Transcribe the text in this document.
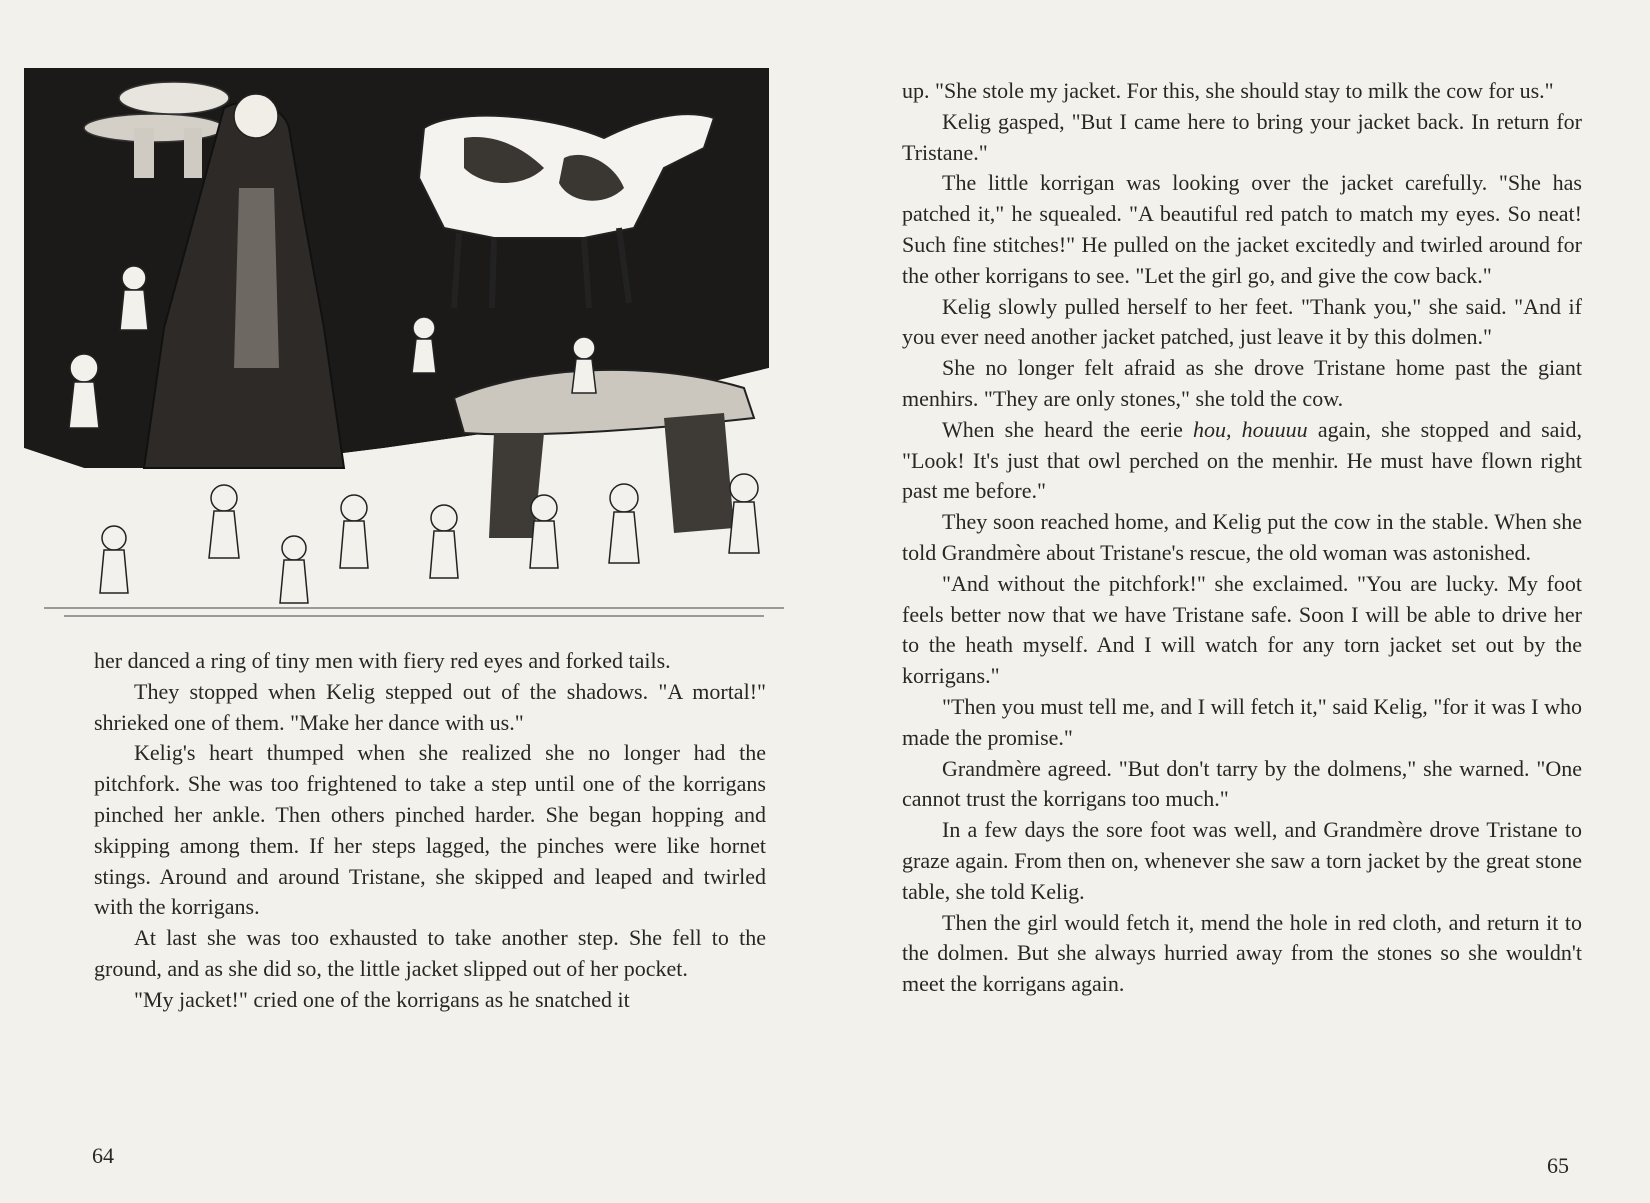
her danced a ring of tiny men with fiery red eyes and forked tails.

They stopped when Kelig stepped out of the shadows. "A mortal!" shrieked one of them. "Make her dance with us."

Kelig's heart thumped when she realized she no longer had the pitchfork. She was too frightened to take a step until one of the korrigans pinched her ankle. Then others pinched harder. She began hopping and skipping among them. If her steps lagged, the pinches were like hornet stings. Around and around Tristane, she skipped and leaped and twirled with the korrigans.

At last she was too exhausted to take another step. She fell to the ground, and as she did so, the little jacket slipped out of her pocket.

"My jacket!" cried one of the korrigans as he snatched it

64

up. "She stole my jacket. For this, she should stay to milk the cow for us."

Kelig gasped, "But I came here to bring your jacket back. In return for Tristane."

The little korrigan was looking over the jacket carefully. "She has patched it," he squealed. "A beautiful red patch to match my eyes. So neat! Such fine stitches!" He pulled on the jacket excitedly and twirled around for the other korrigans to see. "Let the girl go, and give the cow back."

Kelig slowly pulled herself to her feet. "Thank you," she said. "And if you ever need another jacket patched, just leave it by this dolmen."

She no longer felt afraid as she drove Tristane home past the giant menhirs. "They are only stones," she told the cow.

When she heard the eerie hou, houuuu again, she stopped and said, "Look! It's just that owl perched on the menhir. He must have flown right past me before."

They soon reached home, and Kelig put the cow in the stable. When she told Grandmère about Tristane's rescue, the old woman was astonished.

"And without the pitchfork!" she exclaimed. "You are lucky. My foot feels better now that we have Tristane safe. Soon I will be able to drive her to the heath myself. And I will watch for any torn jacket set out by the korrigans."

"Then you must tell me, and I will fetch it," said Kelig, "for it was I who made the promise."

Grandmère agreed. "But don't tarry by the dolmens," she warned. "One cannot trust the korrigans too much."

In a few days the sore foot was well, and Grandmère drove Tristane to graze again. From then on, whenever she saw a torn jacket by the great stone table, she told Kelig.

Then the girl would fetch it, mend the hole in red cloth, and return it to the dolmen. But she always hurried away from the stones so she wouldn't meet the korrigans again.

65
